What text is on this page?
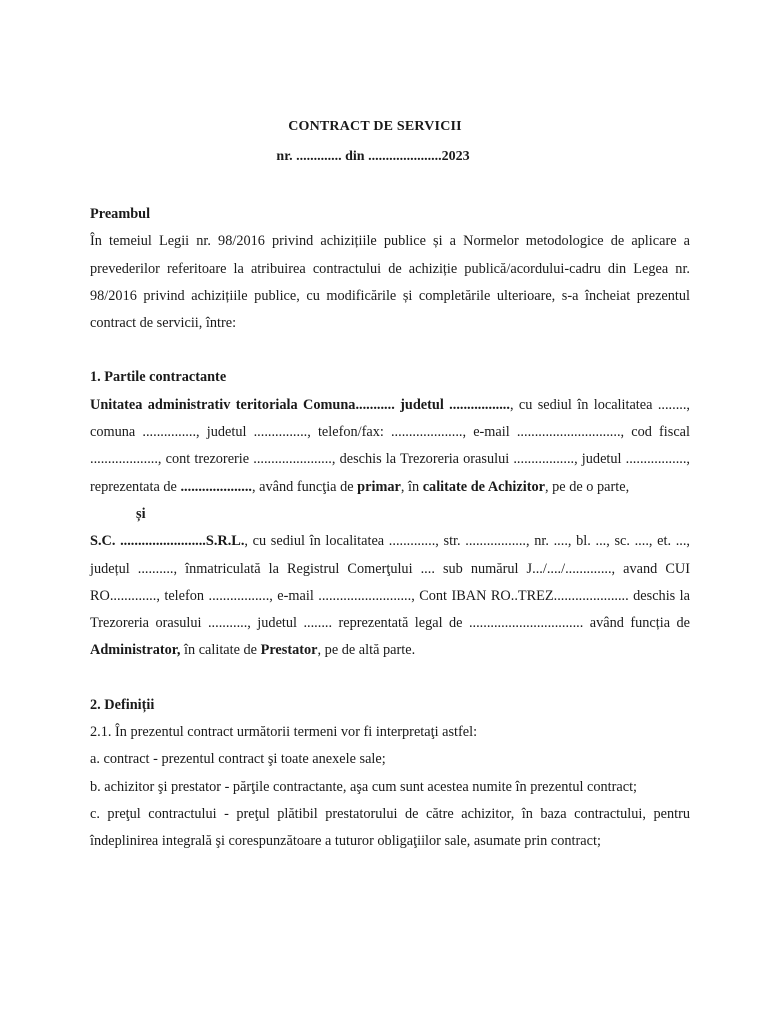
CONTRACT DE SERVICII
nr. ............. din .....................2023
Preambul
În temeiul Legii nr. 98/2016 privind achizițiile publice și a Normelor metodologice de aplicare a prevederilor referitoare la atribuirea contractului de achiziție publică/acordului-cadru din Legea nr. 98/2016 privind achizițiile publice, cu modificările și completările ulterioare, s-a încheiat prezentul contract de servicii, între:
1. Partile contractante
Unitatea administrativ teritoriala Comuna........... judetul ................., cu sediul în localitatea ........, comuna ..............., judetul ..............., telefon/fax: ...................., e-mail ............................., cod fiscal ..................., cont trezorerie ......................, deschis la Trezoreria orasului ................., judetul ................., reprezentata de ...................., având funcţia de primar, în calitate de Achizitor, pe de o parte,
și
S.C. ........................S.R.L., cu sediul în localitatea ............., str. ................., nr. ...., bl. ..., sc. ...., et. ..., județul .........., înmatriculată la Registrul Comerţului .... sub numărul J.../..../............., avand CUI RO............., telefon ................., e-mail .........................., Cont IBAN RO..TREZ..................... deschis la Trezoreria orasului ..........., judetul ........ reprezentată legal de ................................ având funcția de Administrator, în calitate de Prestator, pe de altă parte.
2. Definiții
2.1. În prezentul contract următorii termeni vor fi interpretaţi astfel:
a. contract - prezentul contract şi toate anexele sale;
b. achizitor şi prestator - părţile contractante, aşa cum sunt acestea numite în prezentul contract;
c. preţul contractului - preţul plătibil prestatorului de către achizitor, în baza contractului, pentru îndeplinirea integrală şi corespunzătoare a tuturor obligaţiilor sale, asumate prin contract;
